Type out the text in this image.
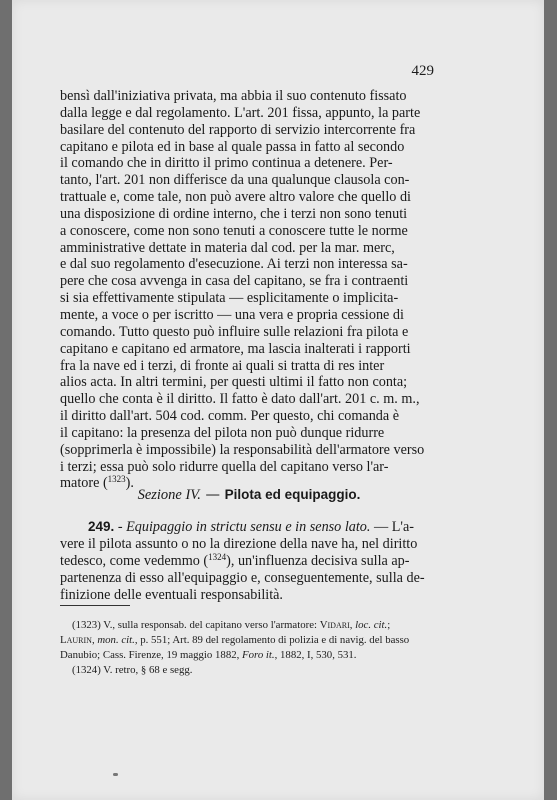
429

bensì dall'iniziativa privata, ma abbia il suo contenuto fissato

dalla legge e dal regolamento. L'art. 201 fissa, appunto, la parte

basilare del contenuto del rapporto di servizio intercorrente fra

capitano e pilota ed in base al quale passa in fatto al secondo

il comando che in diritto il primo continua a detenere. Per-

tanto, l'art. 201 non differisce da una qualunque clausola con-

trattuale e, come tale, non può avere altro valore che quello di

una disposizione di ordine interno, che i terzi non sono tenuti

a conoscere, come non sono tenuti a conoscere tutte le norme

amministrative dettate in materia dal cod. per la mar. merc,

e dal suo regolamento d'esecuzione. Ai terzi non interessa sa-

pere che cosa avvenga in casa del capitano, se fra i contraenti

si sia effettivamente stipulata — esplicitamente o implicita-

mente, a voce o per iscritto — una vera e propria cessione di

comando. Tutto questo può influire sulle relazioni fra pilota e

capitano e capitano ed armatore, ma lascia inalterati i rapporti

fra la nave ed i terzi, di fronte ai quali si tratta di res inter

alios acta. In altri termini, per questi ultimi il fatto non conta;

quello che conta è il diritto. Il fatto è dato dall'art. 201 c. m. m.,

il diritto dall'art. 504 cod. comm. Per questo, chi comanda è

il capitano: la presenza del pilota non può dunque ridurre

(sopprimerla è impossibile) la responsabilità dell'armatore verso

i terzi; essa può solo ridurre quella del capitano verso l'ar-

matore ($^{1323}$).

Sezione IV. — Pilota ed equipaggio.

249. - Equipaggio in strictu sensu e in senso lato. — L'a-

vere il pilota assunto o no la direzione della nave ha, nel diritto

tedesco, come vedemmo ($^{1324}$), un'influenza decisiva sulla ap-

partenenza di esso all'equipaggio e, conseguentemente, sulla de-

finizione delle eventuali responsabilità.

(1323) V., sulla responsab. del capitano verso l'armatore: Vidari, loc. cit.;
Laurin, mon. cit., p. 551; Art. 89 del regolamento di polizia e di navig. del basso
Danubio; Cass. Firenze, 19 maggio 1882, Foro it., 1882, I, 530, 531.

(1324) V. retro, § 68 e segg.
